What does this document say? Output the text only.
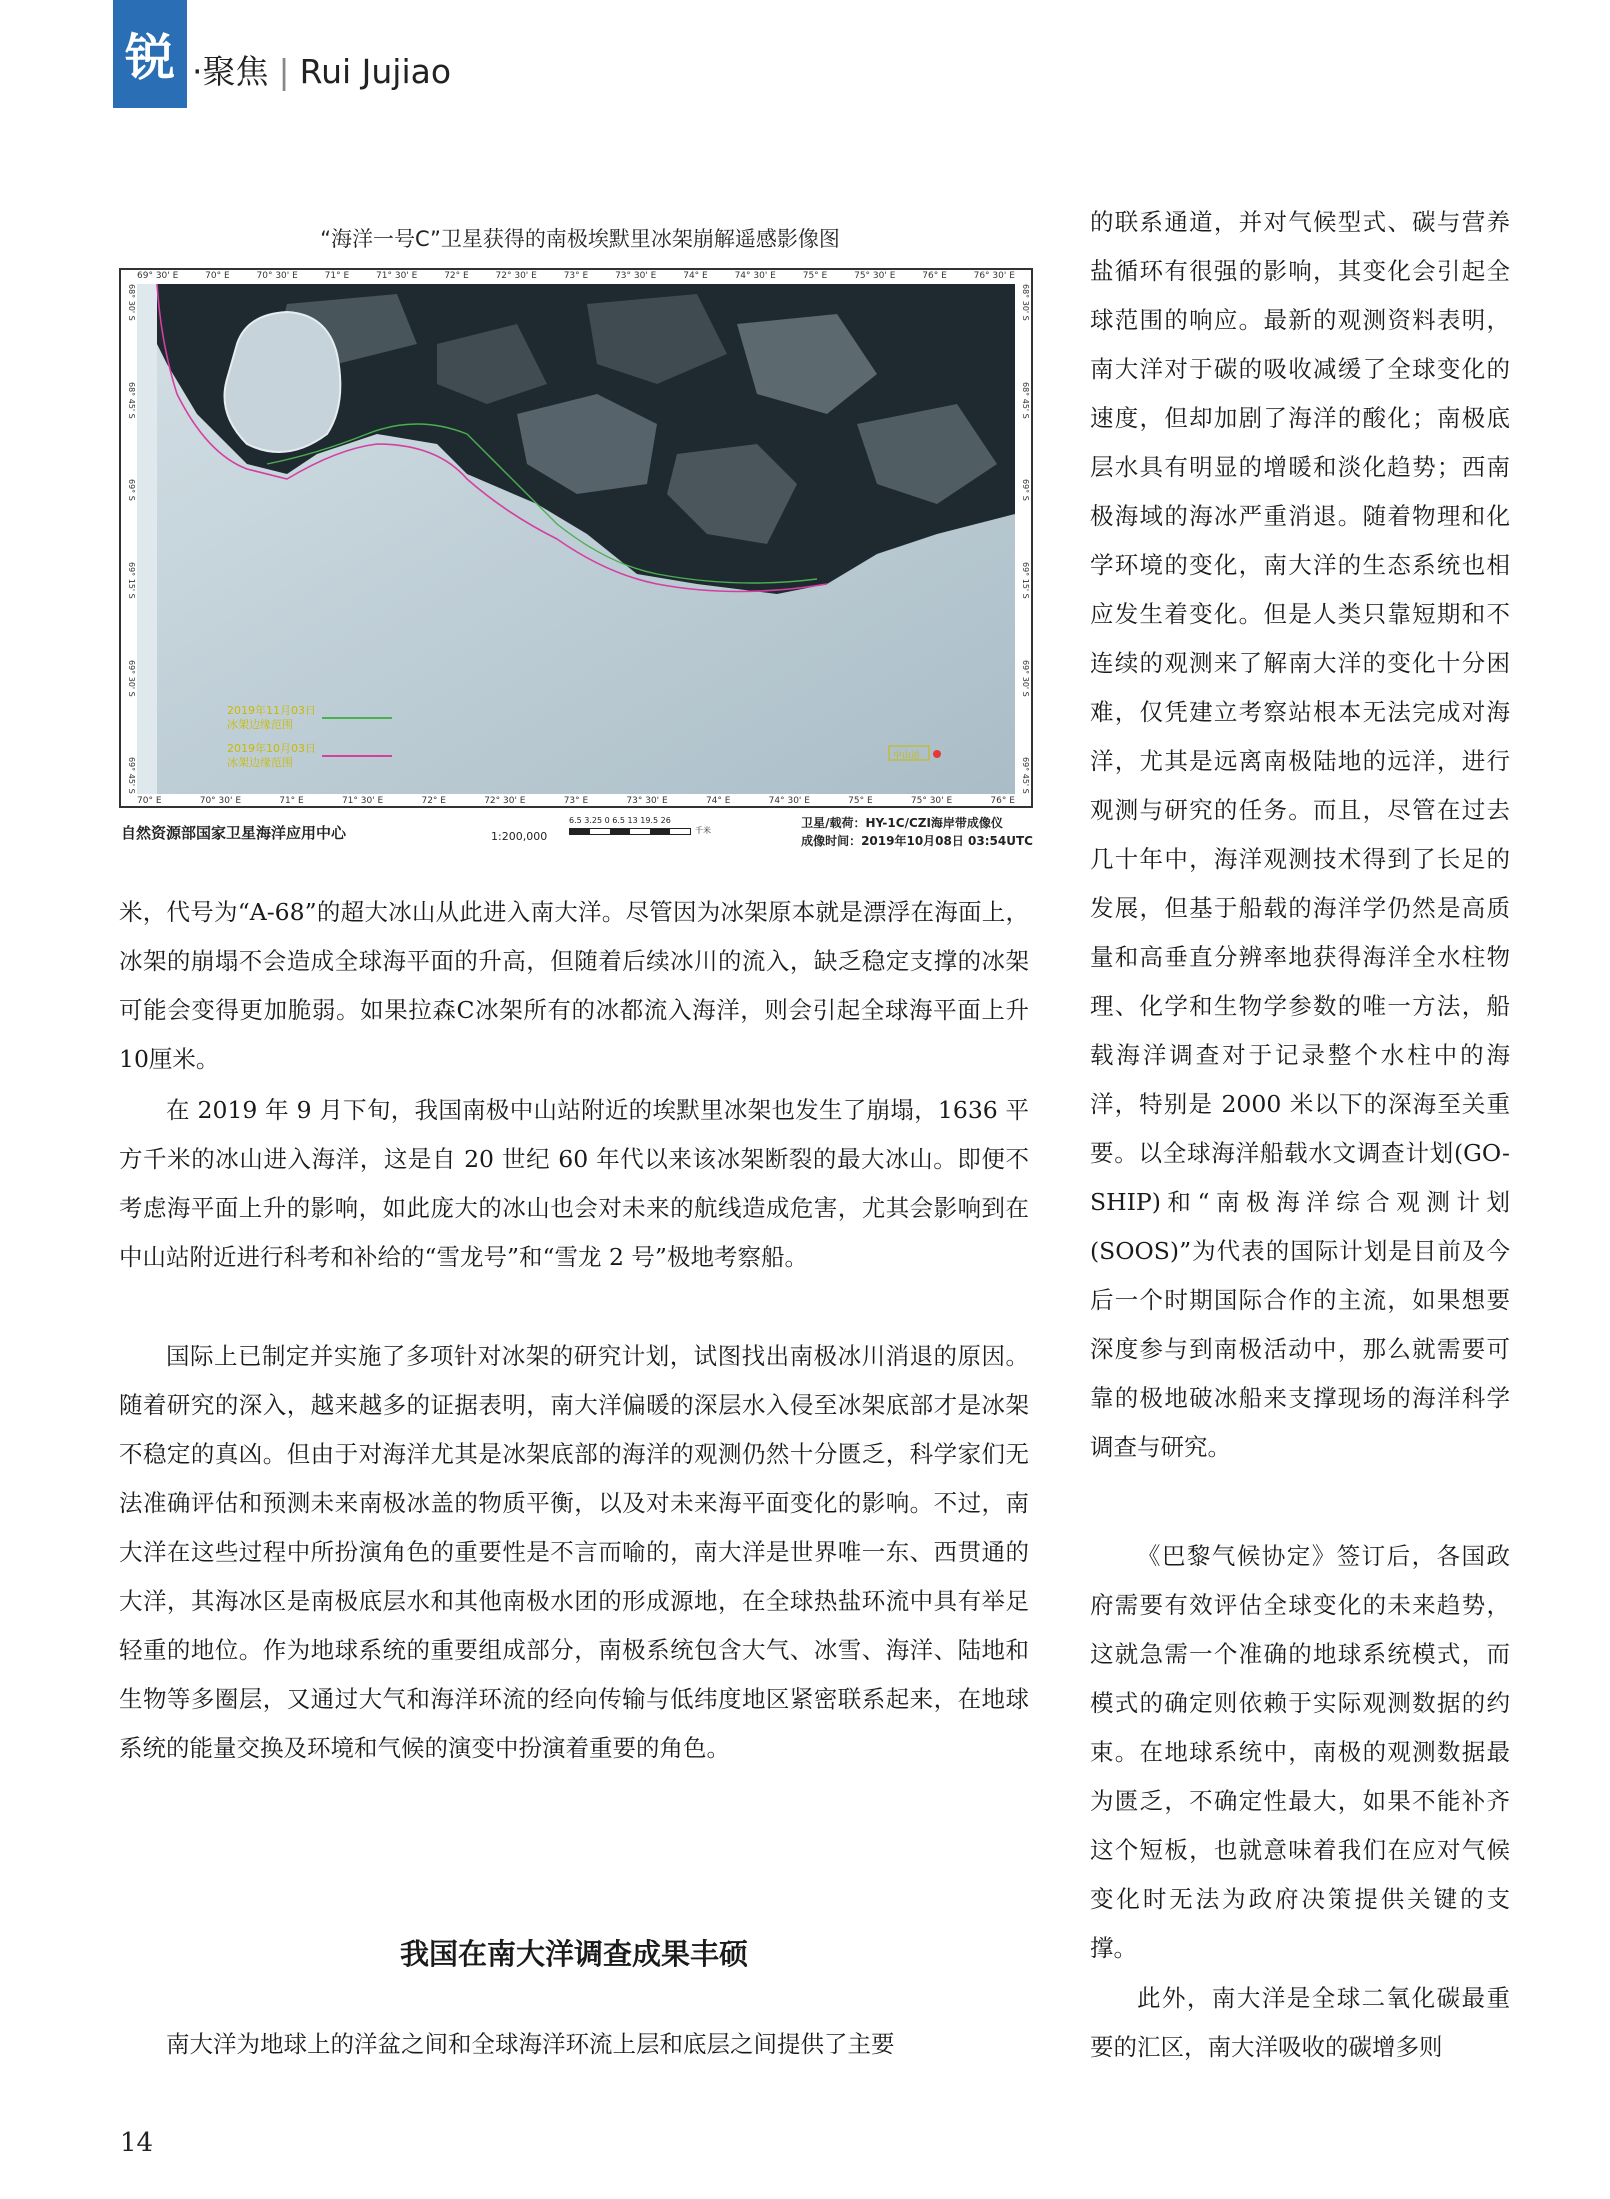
锐 ·聚焦 | Rui Jujiao
“海洋一号C”卫星获得的南极埃默里冰架崩解遥感影像图
69° 30' E	70° E	70° 30' E	71° E	71° 30' E	72° E	72° 30' E	73° E	73° 30' E	74° E	74° 30' E	75° E	75° 30' E	76° E	76° 30' E
70° E	70° 30' E	71° E	71° 30' E	72° E	72° 30' E	73° E	73° 30' E	74° E	74° 30' E	75° E	75° 30' E	76° E
68° 30' S
68° 45' S
69° S
69° 15' S
69° 30' S
69° 45' S
68° 30' S
68° 45' S
69° S
69° 15' S
69° 30' S
69° 45' S
2019年11月03日
冰架边缘范围
2019年10月03日
冰架边缘范围	中山站
自然资源部国家卫星海洋应用中心
6.5 3.25 0 6.5 13 19.5 26
千米
1:200,000
卫星/载荷：HY-1C/CZI海岸带成像仪
成像时间：2019年10月08日 03:54UTC

米，代号为“A-68”的超大冰山从此进入南大洋。尽管因为冰架原本就是漂浮在海面上，冰架的崩塌不会造成全球海平面的升高，但随着后续冰川的流入，缺乏稳定支撑的冰架可能会变得更加脆弱。如果拉森C冰架所有的冰都流入海洋，则会引起全球海平面上升10厘米。

在 2019 年 9 月下旬，我国南极中山站附近的埃默里冰架也发生了崩塌，1636 平方千米的冰山进入海洋，这是自 20 世纪 60 年代以来该冰架断裂的最大冰山。即便不考虑海平面上升的影响，如此庞大的冰山也会对未来的航线造成危害，尤其会影响到在中山站附近进行科考和补给的“雪龙号”和“雪龙 2 号”极地考察船。

国际上已制定并实施了多项针对冰架的研究计划，试图找出南极冰川消退的原因。随着研究的深入，越来越多的证据表明，南大洋偏暖的深层水入侵至冰架底部才是冰架不稳定的真凶。但由于对海洋尤其是冰架底部的海洋的观测仍然十分匮乏，科学家们无法准确评估和预测未来南极冰盖的物质平衡，以及对未来海平面变化的影响。不过，南大洋在这些过程中所扮演角色的重要性是不言而喻的，南大洋是世界唯一东、西贯通的大洋，其海冰区是南极底层水和其他南极水团的形成源地，在全球热盐环流中具有举足轻重的地位。作为地球系统的重要组成部分，南极系统包含大气、冰雪、海洋、陆地和生物等多圈层，又通过大气和海洋环流的经向传输与低纬度地区紧密联系起来，在地球系统的能量交换及环境和气候的演变中扮演着重要的角色。

我国在南大洋调查成果丰硕

南大洋为地球上的洋盆之间和全球海洋环流上层和底层之间提供了主要

的联系通道，并对气候型式、碳与营养盐循环有很强的影响，其变化会引起全球范围的响应。最新的观测资料表明，南大洋对于碳的吸收减缓了全球变化的速度，但却加剧了海洋的酸化；南极底层水具有明显的增暖和淡化趋势；西南极海域的海冰严重消退。随着物理和化学环境的变化，南大洋的生态系统也相应发生着变化。但是人类只靠短期和不连续的观测来了解南大洋的变化十分困难，仅凭建立考察站根本无法完成对海洋，尤其是远离南极陆地的远洋，进行观测与研究的任务。而且，尽管在过去几十年中，海洋观测技术得到了长足的发展，但基于船载的海洋学仍然是高质量和高垂直分辨率地获得海洋全水柱物理、化学和生物学参数的唯一方法，船载海洋调查对于记录整个水柱中的海洋，特别是 2000 米以下的深海至关重要。以全球海洋船载水文调查计划(GO-SHIP)和“南极海洋综合观测计划(SOOS)”为代表的国际计划是目前及今后一个时期国际合作的主流，如果想要深度参与到南极活动中，那么就需要可靠的极地破冰船来支撑现场的海洋科学调查与研究。

《巴黎气候协定》签订后，各国政府需要有效评估全球变化的未来趋势，这就急需一个准确的地球系统模式，而模式的确定则依赖于实际观测数据的约束。在地球系统中，南极的观测数据最为匮乏，不确定性最大，如果不能补齐这个短板，也就意味着我们在应对气候变化时无法为政府决策提供关键的支撑。

此外，南大洋是全球二氧化碳最重要的汇区，南大洋吸收的碳增多则

14
